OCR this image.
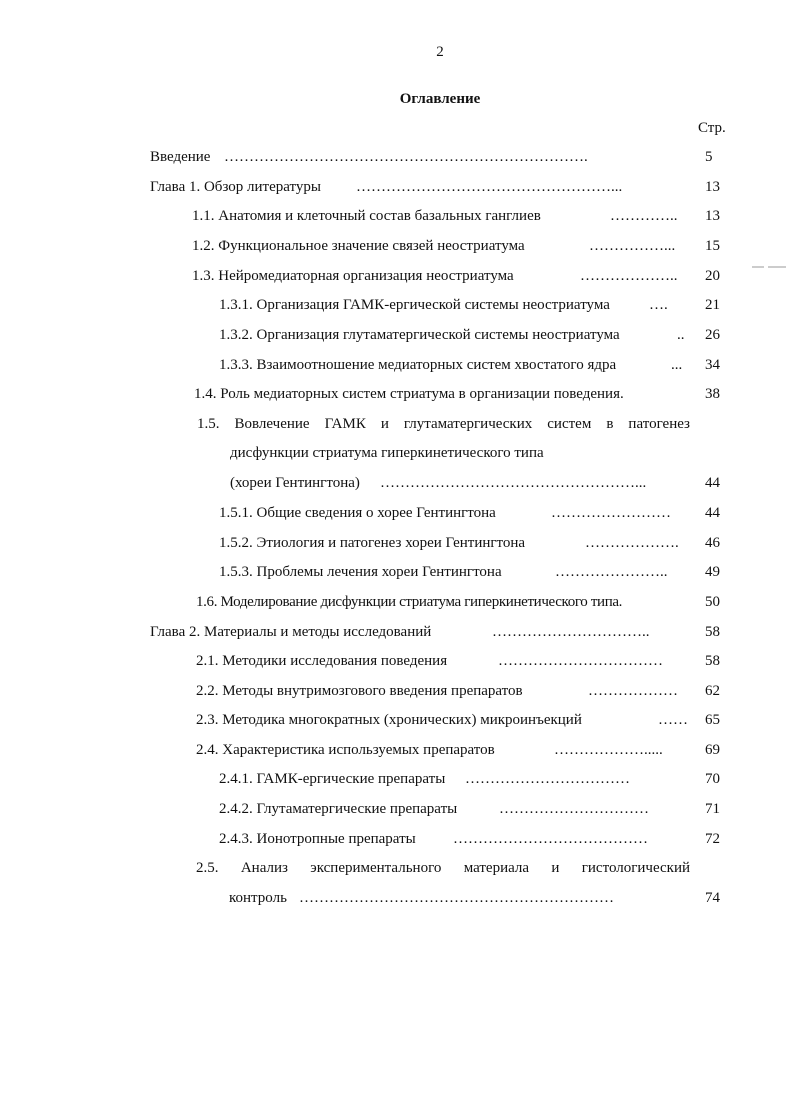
2
Оглавление
Стр.
Введение ……………………………………………………………….	5
Глава 1. Обзор литературы ……………………………………………...	13
1.1. Анатомия и клеточный состав базальных ганглиев	…………..	13
1.2. Функциональное значение связей неостриатума	……………...	15
1.3. Нейромедиаторная организация неостриатума	………………..	20
1.3.1. Организация ГАМК-ергической системы неостриатума	….	21
1.3.2. Организация глутаматергической системы неостриатума	..	26
1.3.3. Взаимоотношение медиаторных систем хвостатого ядра	...	34
1.4. Роль медиаторных систем стриатума в организации поведения.	38
1.5. Вовлечение ГАМК и глутаматергических систем в патогенез
дисфункции стриатума гиперкинетического типа
(хореи Гентингтона) ……………………………………………...	44
1.5.1. Общие сведения о хорее Гентингтона	……………………	44
1.5.2. Этиология и патогенез хореи Гентингтона	……………….	46
1.5.3. Проблемы лечения хореи Гентингтона	…………………..	49
1.6. Моделирование дисфункции стриатума гиперкинетического типа.	50
Глава 2. Материалы и методы исследований	…………………………..	58
2.1. Методики исследования поведения	……………………………	58
2.2. Методы внутримозгового введения препаратов	………………	62
2.3. Методика многократных (хронических) микроинъекций	…… 65
2.4. Характеристика используемых препаратов	……………….....	69
2.4.1. ГАМК-ергические препараты ……………………………	70
2.4.2. Глутаматергические препараты	…………………………	71
2.4.3. Ионотропные препараты …………………………………	72
2.5. Анализ экспериментального материала и гистологический
контроль ………………………………………………………	74
